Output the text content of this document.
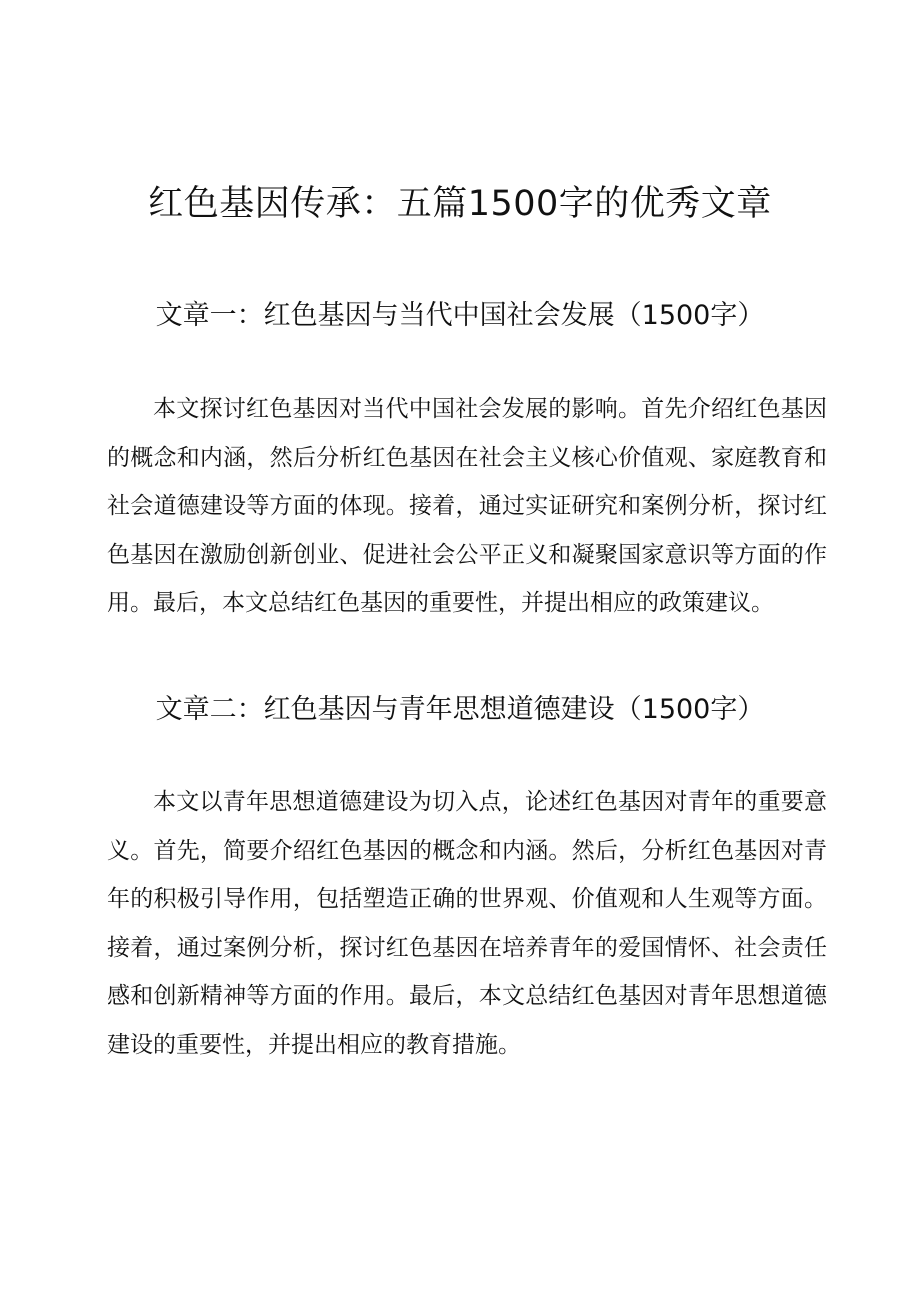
红色基因传承：五篇1500字的优秀文章
文章一：红色基因与当代中国社会发展（1500字）

本文探讨红色基因对当代中国社会发展的影响。首先介绍红色基因的概念和内涵，然后分析红色基因在社会主义核心价值观、家庭教育和社会道德建设等方面的体现。接着，通过实证研究和案例分析，探讨红色基因在激励创新创业、促进社会公平正义和凝聚国家意识等方面的作用。最后，本文总结红色基因的重要性，并提出相应的政策建议。

文章二：红色基因与青年思想道德建设（1500字）

本文以青年思想道德建设为切入点，论述红色基因对青年的重要意义。首先，简要介绍红色基因的概念和内涵。然后，分析红色基因对青年的积极引导作用，包括塑造正确的世界观、价值观和人生观等方面。接着，通过案例分析，探讨红色基因在培养青年的爱国情怀、社会责任感和创新精神等方面的作用。最后，本文总结红色基因对青年思想道德建设的重要性，并提出相应的教育措施。
